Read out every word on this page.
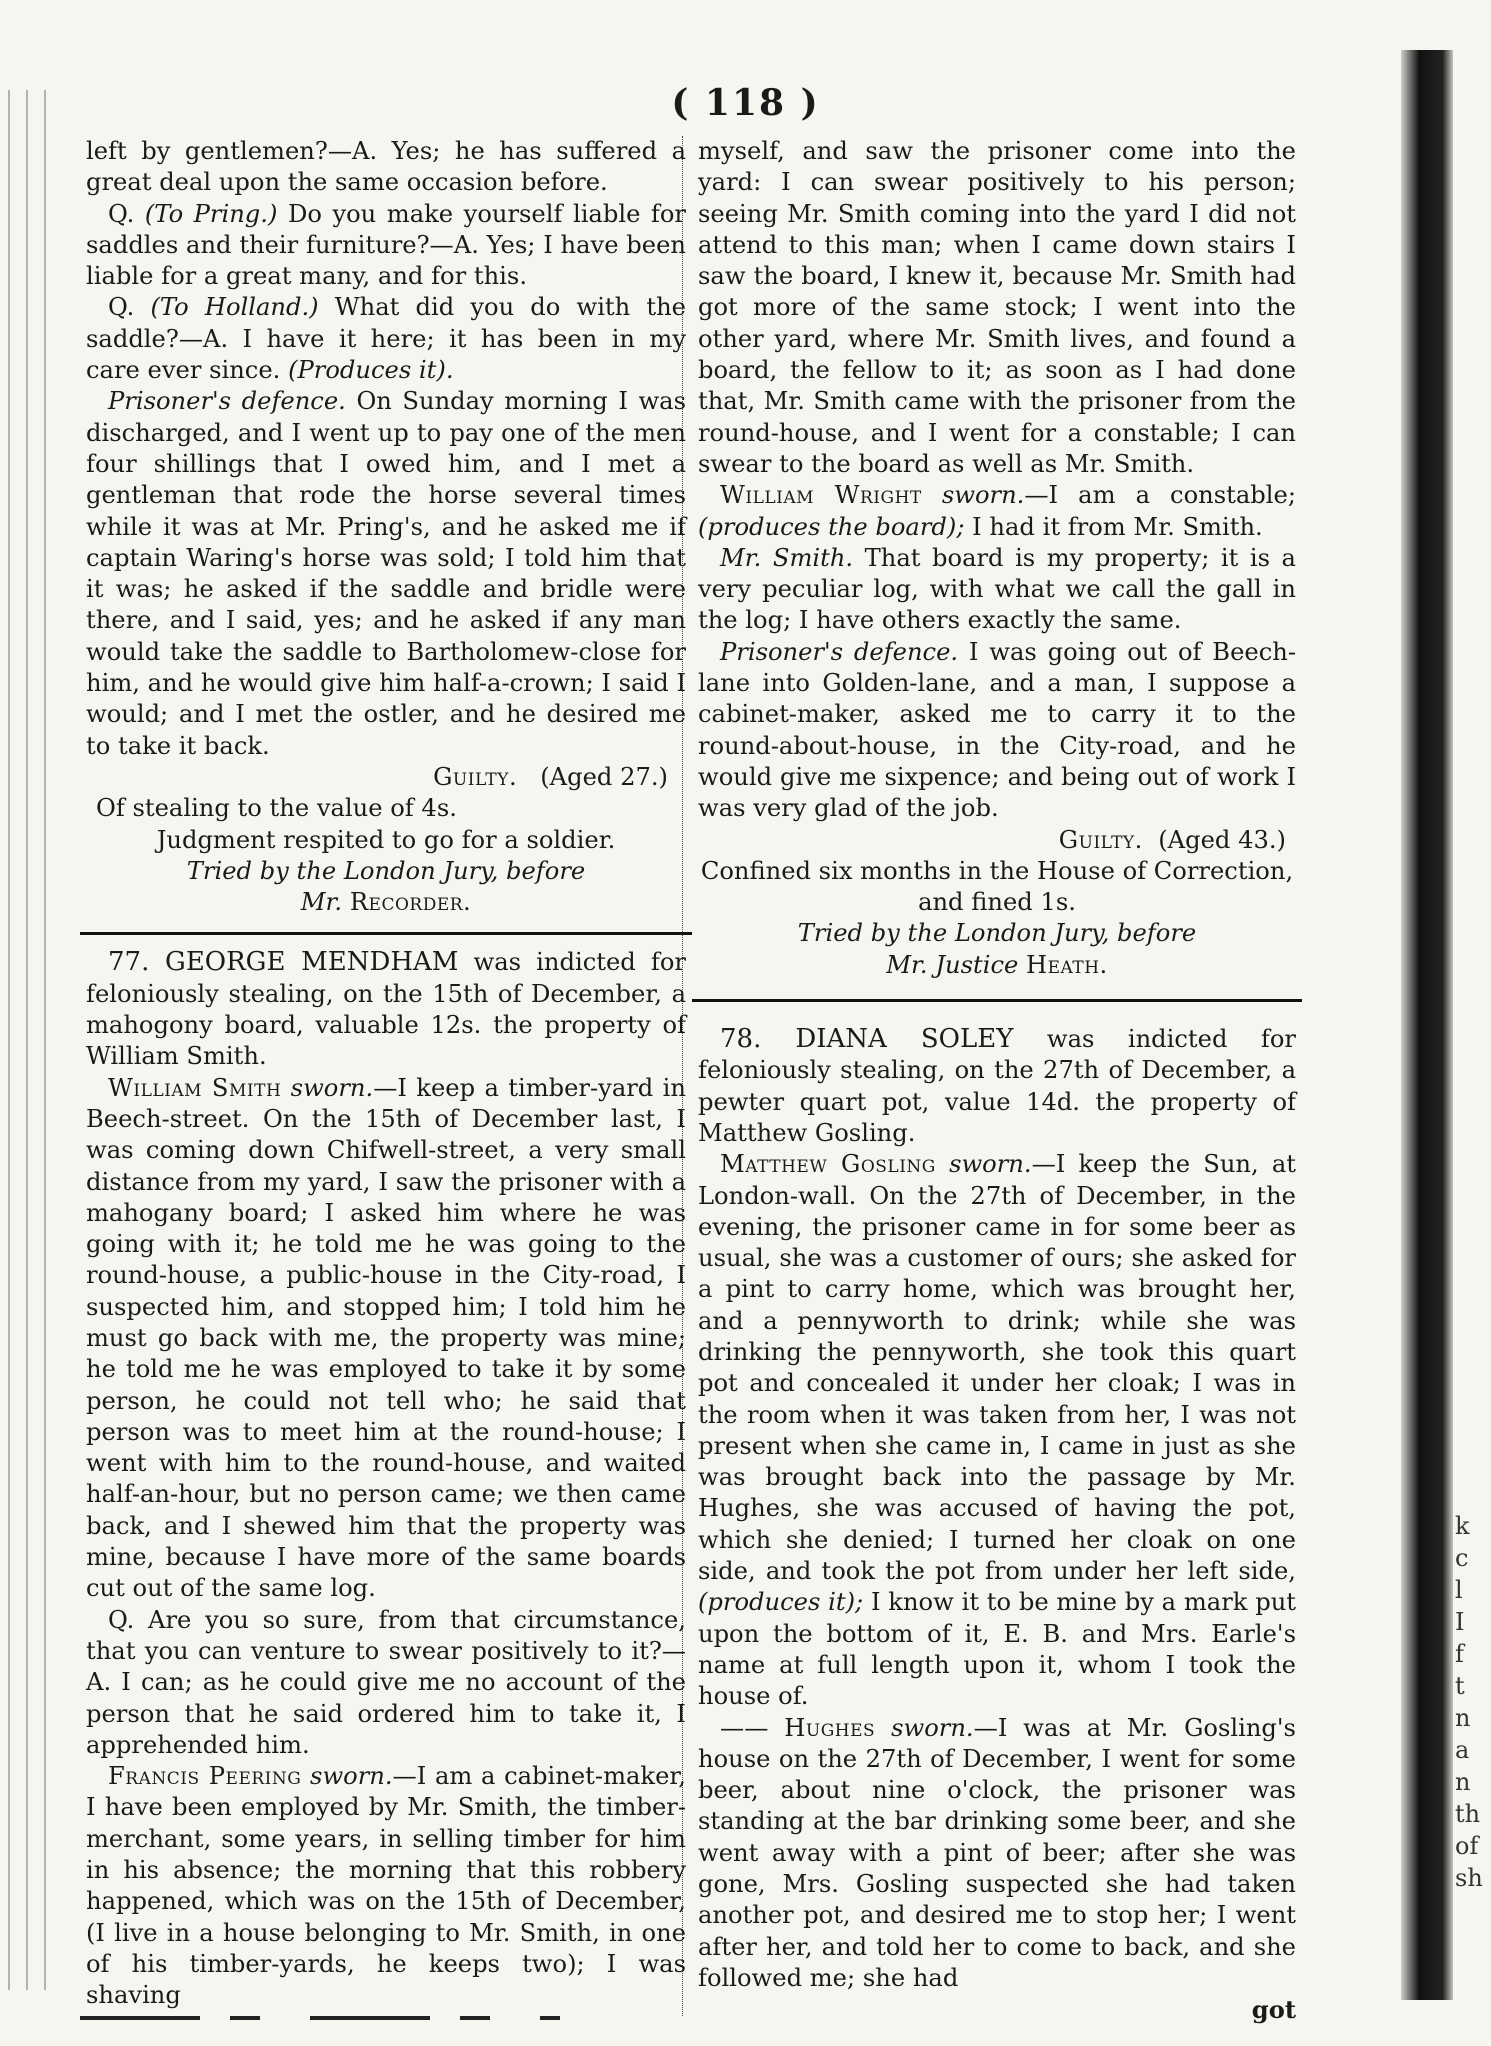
( 118 )

left by gentlemen?—A. Yes; he has suffered a great deal upon the same occasion before.

Q. (To Pring.) Do you make yourself liable for saddles and their furniture?—A. Yes; I have been liable for a great many, and for this.

Q. (To Holland.) What did you do with the saddle?—A. I have it here; it has been in my care ever since. (Produces it).

Prisoner's defence. On Sunday morning I was discharged, and I went up to pay one of the men four shillings that I owed him, and I met a gentleman that rode the horse several times while it was at Mr. Pring's, and he asked me if captain Waring's horse was sold; I told him that it was; he asked if the saddle and bridle were there, and I said, yes; and he asked if any man would take the saddle to Bartholomew-close for him, and he would give him half-a-crown; I said I would; and I met the ostler, and he desired me to take it back.

Guilty. (Aged 27.)

Of stealing to the value of 4s.

Judgment respited to go for a soldier.

Tried by the London Jury, before

Mr. Recorder.

77. GEORGE MENDHAM was indicted for feloniously stealing, on the 15th of December, a mahogony board, valuable 12s. the property of William Smith.

William Smith sworn.—I keep a timber-yard in Beech-street. On the 15th of December last, I was coming down Chifwell-street, a very small distance from my yard, I saw the prisoner with a mahogany board; I asked him where he was going with it; he told me he was going to the round-house, a public-house in the City-road, I suspected him, and stopped him; I told him he must go back with me, the property was mine; he told me he was employed to take it by some person, he could not tell who; he said that person was to meet him at the round-house; I went with him to the round-house, and waited half-an-hour, but no person came; we then came back, and I shewed him that the property was mine, because I have more of the same boards cut out of the same log.

Q. Are you so sure, from that circumstance, that you can venture to swear positively to it?—A. I can; as he could give me no account of the person that he said ordered him to take it, I apprehended him.

Francis Peering sworn.—I am a cabinet-maker, I have been employed by Mr. Smith, the timber-merchant, some years, in selling timber for him in his absence; the morning that this robbery happened, which was on the 15th of December, (I live in a house belonging to Mr. Smith, in one of his timber-yards, he keeps two); I was shaving

myself, and saw the prisoner come into the yard: I can swear positively to his person; seeing Mr. Smith coming into the yard I did not attend to this man; when I came down stairs I saw the board, I knew it, because Mr. Smith had got more of the same stock; I went into the other yard, where Mr. Smith lives, and found a board, the fellow to it; as soon as I had done that, Mr. Smith came with the prisoner from the round-house, and I went for a constable; I can swear to the board as well as Mr. Smith.

William Wright sworn.—I am a constable; (produces the board); I had it from Mr. Smith.

Mr. Smith. That board is my property; it is a very peculiar log, with what we call the gall in the log; I have others exactly the same.

Prisoner's defence. I was going out of Beech-lane into Golden-lane, and a man, I suppose a cabinet-maker, asked me to carry it to the round-about-house, in the City-road, and he would give me sixpence; and being out of work I was very glad of the job.

Guilty. (Aged 43.)

Confined six months in the House of Correction,

and fined 1s.

Tried by the London Jury, before

Mr. Justice Heath.

78. DIANA SOLEY was indicted for feloniously stealing, on the 27th of December, a pewter quart pot, value 14d. the property of Matthew Gosling.

Matthew Gosling sworn.—I keep the Sun, at London-wall. On the 27th of December, in the evening, the prisoner came in for some beer as usual, she was a customer of ours; she asked for a pint to carry home, which was brought her, and a pennyworth to drink; while she was drinking the pennyworth, she took this quart pot and concealed it under her cloak; I was in the room when it was taken from her, I was not present when she came in, I came in just as she was brought back into the passage by Mr. Hughes, she was accused of having the pot, which she denied; I turned her cloak on one side, and took the pot from under her left side, (produces it); I know it to be mine by a mark put upon the bottom of it, E. B. and Mrs. Earle's name at full length upon it, whom I took the house of.

—— Hughes sworn.—I was at Mr. Gosling's house on the 27th of December, I went for some beer, about nine o'clock, the prisoner was standing at the bar drinking some beer, and she went away with a pint of beer; after she was gone, Mrs. Gosling suspected she had taken another pot, and desired me to stop her; I went after her, and told her to come to back, and she followed me; she had

got

k
c
l
I
f
t
n
a
n
th
of
sh
